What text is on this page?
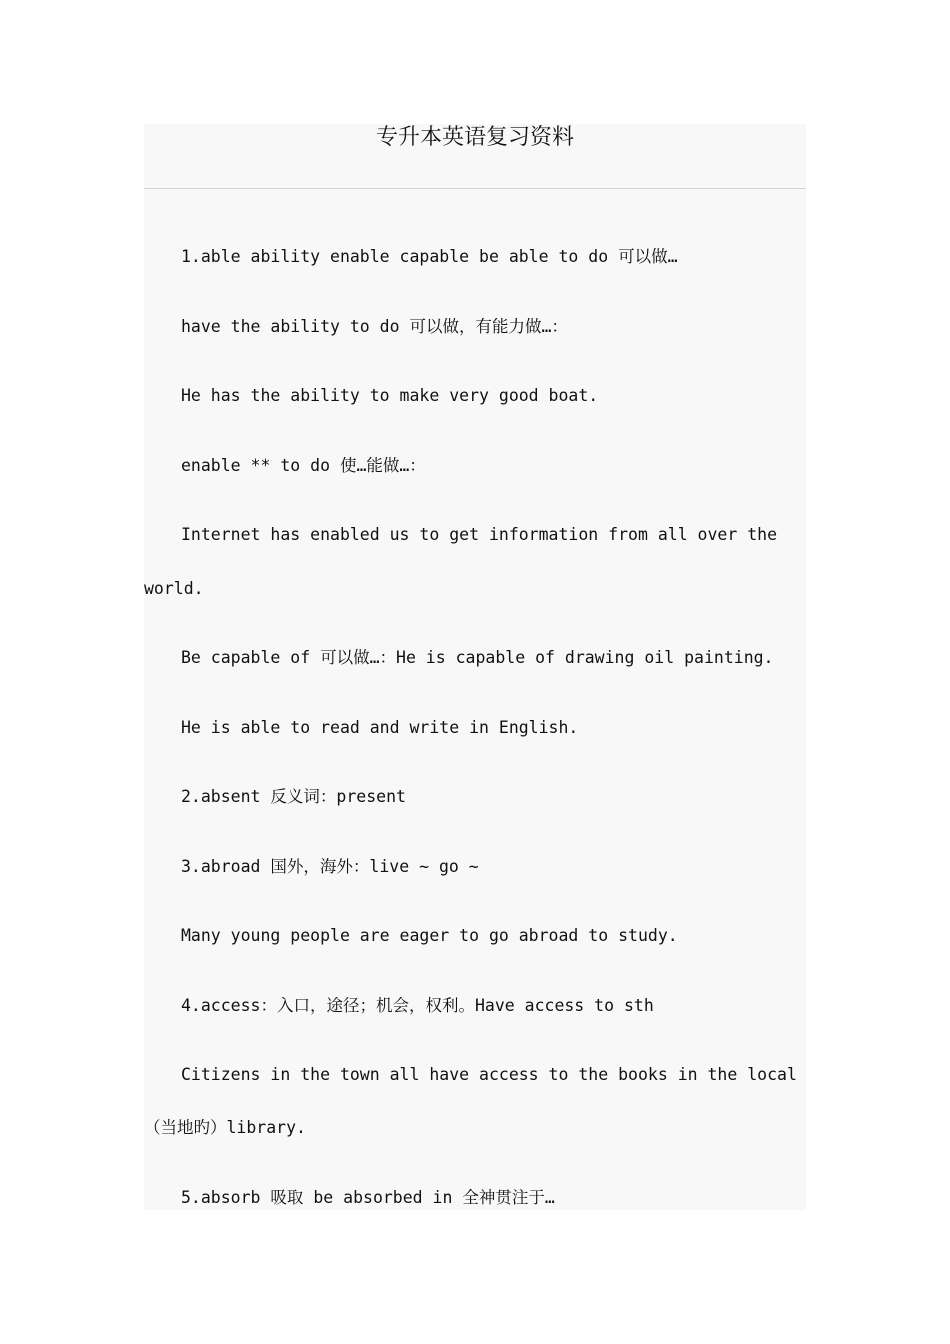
专升本英语复习资料
1.able ability enable capable be able to do 可以做…
have the ability to do 可以做，有能力做…：
He has the ability to make very good boat.
enable ** to do 使…能做…：
Internet has enabled us to get information from all over the
world.
Be capable of 可以做…：He is capable of drawing oil painting.
He is able to read and write in English.
2.absent 反义词：present
3.abroad 国外，海外：live ~ go ~
Many young people are eager to go abroad to study.
4.access：入口，途径；机会，权利。Have access to sth
Citizens in the town all have access to the books in the local
（当地旳）library.
5.absorb 吸取 be absorbed in 全神贯注于…
